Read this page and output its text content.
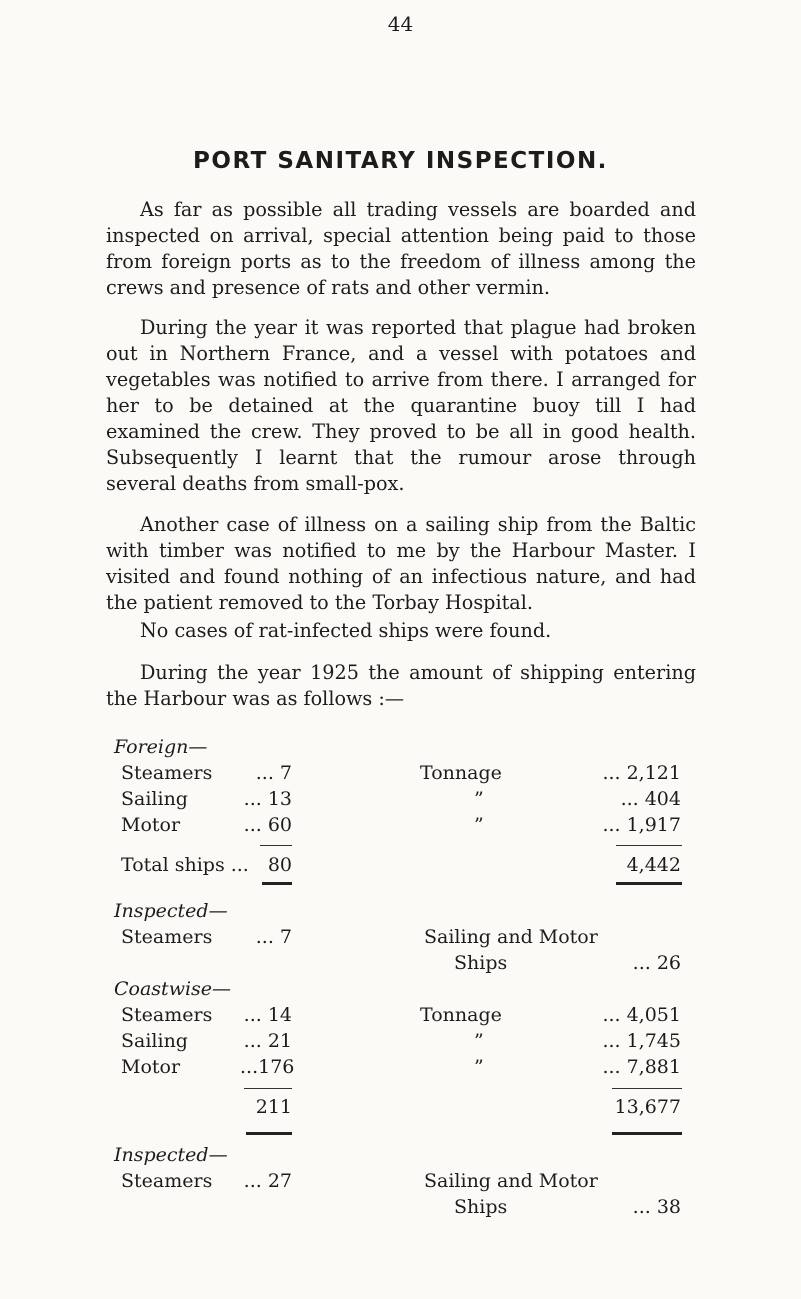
44
PORT SANITARY INSPECTION.

As far as possible all trading vessels are boarded and inspected on arrival, special attention being paid to those from foreign ports as to the freedom of illness among the crews and presence of rats and other vermin.

During the year it was reported that plague had broken out in Northern France, and a vessel with potatoes and vegetables was notified to arrive from there. I arranged for her to be detained at the quarantine buoy till I had examined the crew. They proved to be all in good health. Subsequently I learnt that the rumour arose through several deaths from small-pox.

Another case of illness on a sailing ship from the Baltic with timber was notified to me by the Harbour Master. I visited and found nothing of an infectious nature, and had the patient removed to the Torbay Hospital.

No cases of rat-infected ships were found.

During the year 1925 the amount of shipping entering the Harbour was as follows :—

Foreign—
Steamers	... 7	Tonnage	... 2,121
Sailing	... 13	”	... 404
Motor	... 60	”	... 1,917
Total ships ... 80	4,442
Inspected—
Steamers	... 7	Sailing and Motor
Ships	... 26
Coastwise—
Steamers ... 14	Tonnage	... 4,051
Sailing	... 21	”	... 1,745
Motor	...176	”	... 7,881
211	13,677
Inspected—
Steamers ... 27	Sailing and Motor
Ships	... 38
